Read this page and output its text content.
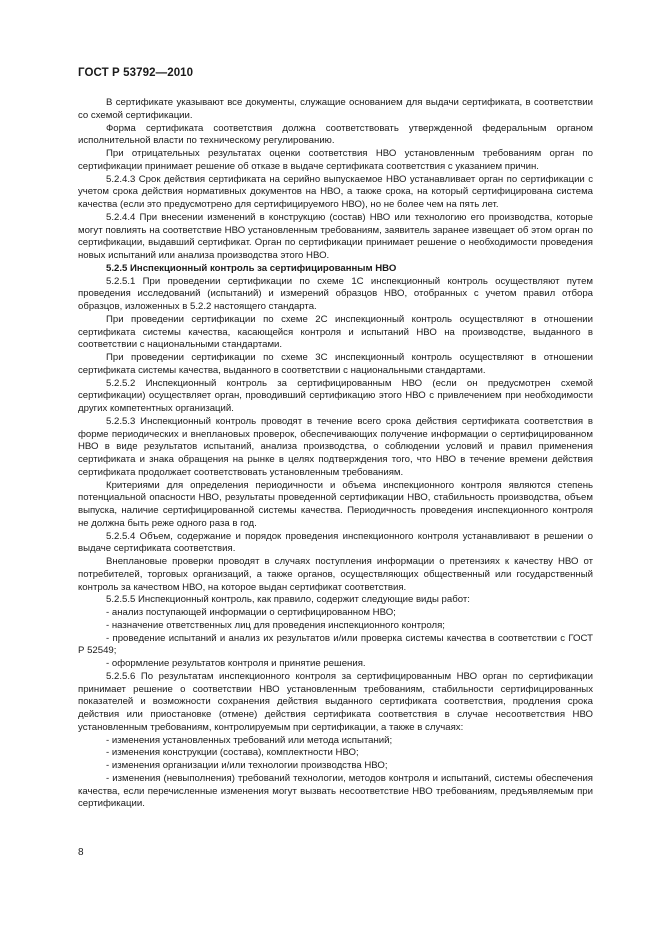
ГОСТ Р 53792—2010

В сертификате указывают все документы, служащие основанием для выдачи сертификата, в соответствии со схемой сертификации.

Форма сертификата соответствия должна соответствовать утвержденной федеральным органом исполнительной власти по техническому регулированию.

При отрицательных результатах оценки соответствия НВО установленным требованиям орган по сертификации принимает решение об отказе в выдаче сертификата соответствия с указанием причин.

5.2.4.3 Срок действия сертификата на серийно выпускаемое НВО устанавливает орган по сертификации с учетом срока действия нормативных документов на НВО, а также срока, на который сертифицирована система качества (если это предусмотрено для сертифицируемого НВО), но не более чем на пять лет.

5.2.4.4 При внесении изменений в конструкцию (состав) НВО или технологию его производства, которые могут повлиять на соответствие НВО установленным требованиям, заявитель заранее извещает об этом орган по сертификации, выдавший сертификат. Орган по сертификации принимает решение о необходимости проведения новых испытаний или анализа производства этого НВО.

5.2.5 Инспекционный контроль за сертифицированным НВО

5.2.5.1 При проведении сертификации по схеме 1С инспекционный контроль осуществляют путем проведения исследований (испытаний) и измерений образцов НВО, отобранных с учетом правил отбора образцов, изложенных в 5.2.2 настоящего стандарта.

При проведении сертификации по схеме 2С инспекционный контроль осуществляют в отношении сертификата системы качества, касающейся контроля и испытаний НВО на производстве, выданного в соответствии с национальными стандартами.

При проведении сертификации по схеме 3С инспекционный контроль осуществляют в отношении сертификата системы качества, выданного в соответствии с национальными стандартами.

5.2.5.2 Инспекционный контроль за сертифицированным НВО (если он предусмотрен схемой сертификации) осуществляет орган, проводивший сертификацию этого НВО с привлечением при необходимости других компетентных организаций.

5.2.5.3 Инспекционный контроль проводят в течение всего срока действия сертификата соответствия в форме периодических и внеплановых проверок, обеспечивающих получение информации о сертифицированном НВО в виде результатов испытаний, анализа производства, о соблюдении условий и правил применения сертификата и знака обращения на рынке в целях подтверждения того, что НВО в течение времени действия сертификата продолжает соответствовать установленным требованиям.

Критериями для определения периодичности и объема инспекционного контроля являются степень потенциальной опасности НВО, результаты проведенной сертификации НВО, стабильность производства, объем выпуска, наличие сертифицированной системы качества. Периодичность проведения инспекционного контроля не должна быть реже одного раза в год.

5.2.5.4 Объем, содержание и порядок проведения инспекционного контроля устанавливают в решении о выдаче сертификата соответствия.

Внеплановые проверки проводят в случаях поступления информации о претензиях к качеству НВО от потребителей, торговых организаций, а также органов, осуществляющих общественный или государственный контроль за качеством НВО, на которое выдан сертификат соответствия.

5.2.5.5 Инспекционный контроль, как правило, содержит следующие виды работ:

- анализ поступающей информации о сертифицированном НВО;

- назначение ответственных лиц для проведения инспекционного контроля;

- проведение испытаний и анализ их результатов и/или проверка системы качества в соответствии с ГОСТ Р 52549;

- оформление результатов контроля и принятие решения.

5.2.5.6 По результатам инспекционного контроля за сертифицированным НВО орган по сертификации принимает решение о соответствии НВО установленным требованиям, стабильности сертифицированных показателей и возможности сохранения действия выданного сертификата соответствия, продления срока действия или приостановке (отмене) действия сертификата соответствия в случае несоответствия НВО установленным требованиям, контролируемым при сертификации, а также в случаях:

- изменения установленных требований или метода испытаний;

- изменения конструкции (состава), комплектности НВО;

- изменения организации и/или технологии производства НВО;

- изменения (невыполнения) требований технологии, методов контроля и испытаний, системы обеспечения качества, если перечисленные изменения могут вызвать несоответствие НВО требованиям, предъявляемым при сертификации.

8
